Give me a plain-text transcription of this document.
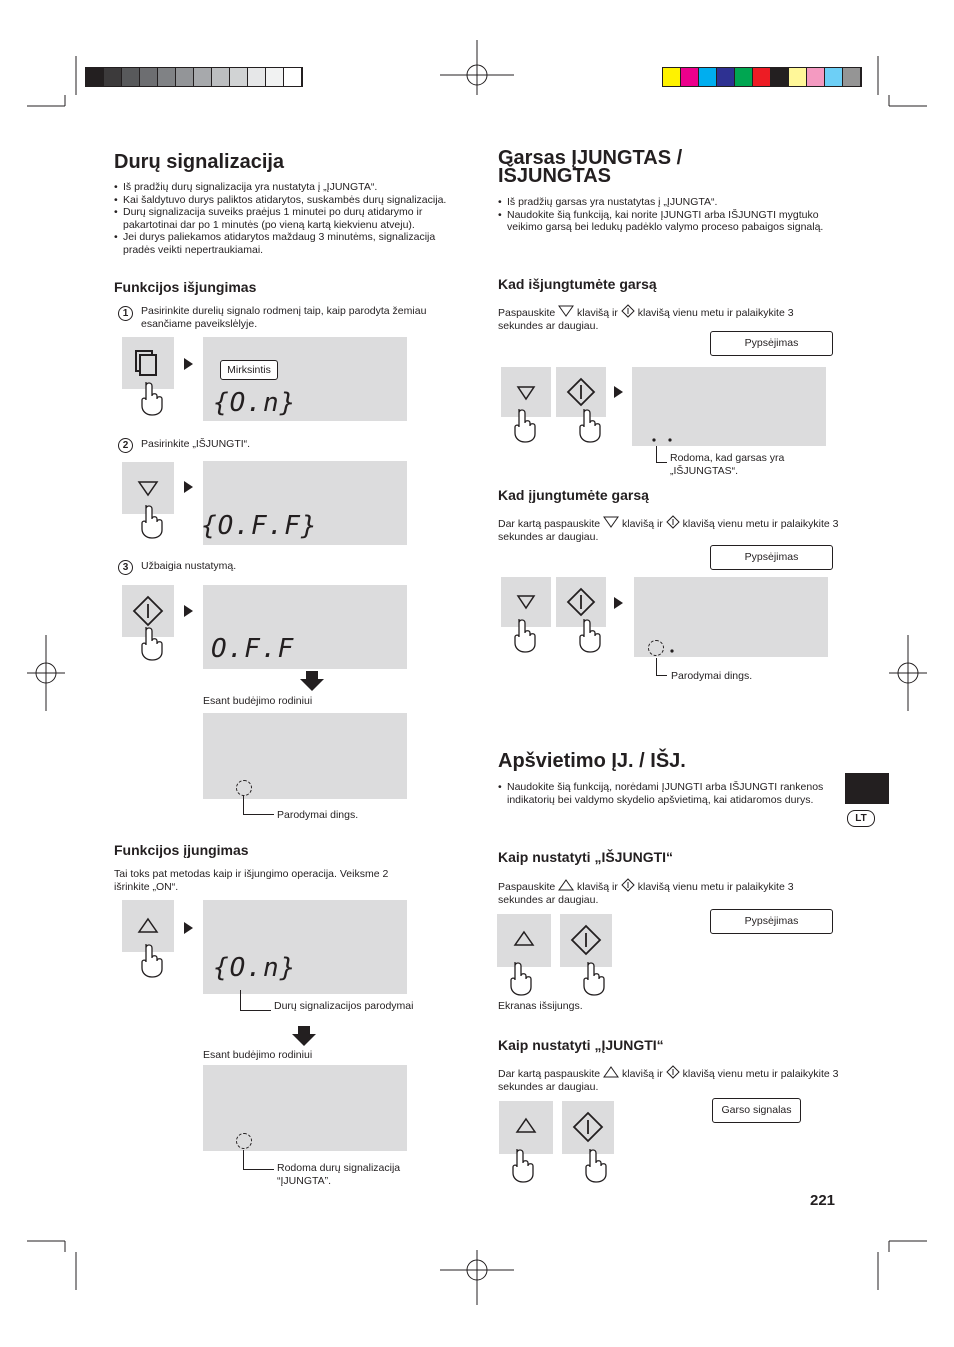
Durų signalizacija
• Iš pradžių durų signalizacija yra nustatyta į „ĮJUNGTA“.
• Kai šaldytuvo durys paliktos atidarytos, suskambės durų signalizacija.
• Durų signalizacija suveiks praėjus 1 minutei po durų atidarymo ir pakartotinai dar po 1 minutės (po vieną kartą kiekvienu atveju).
• Jei durys paliekamos atidarytos maždaug 3 minutėms, signalizacija pradės veikti nepertraukiamai.
Funkcijos išjungimas
1	Pasirinkite durelių signalo rodmenį taip, kaip parodyta žemiau esančiame paveikslėlyje.
Mirksintis
{O.n}
2	Pasirinkite „IŠJUNGTI“.
{O.F.F}
3	Užbaigia nustatymą.
O.F.F
Esant budėjimo rodiniui
Parodymai dings.
Funkcijos įjungimas
Tai toks pat metodas kaip ir išjungimo operacija. Veiksme 2 išrinkite „ON“.
{O.n}
Durų signalizacijos parodymai
Esant budėjimo rodiniui
Rodoma durų signalizacija “ĮJUNGTA”.
Garsas ĮJUNGTAS /
IŠJUNGTAS
• Iš pradžių garsas yra nustatytas į „ĮJUNGTA“.
• Naudokite šią funkciją, kai norite ĮJUNGTI arba IŠJUNGTI mygtuko veikimo garsą bei ledukų padėklo valymo proceso pabaigos signalą.
Kad išjungtumėte garsą
Paspauskite klavišą ir klavišą vienu metu ir palaikykite 3 sekundes ar daugiau.
Pypsėjimas
Rodoma, kad garsas yra „IŠJUNGTAS“.
Kad įjungtumėte garsą
Dar kartą paspauskite klavišą ir klavišą vienu metu ir palaikykite 3 sekundes ar daugiau.
Pypsėjimas
Parodymai dings.
Apšvietimo ĮJ. / IŠJ.
• Naudokite šią funkciją, norėdami ĮJUNGTI arba IŠJUNGTI rankenos indikatorių bei valdymo skydelio apšvietimą, kai atidaromos durys.
LT
Kaip nustatyti „IŠJUNGTI“
Paspauskite klavišą ir klavišą vienu metu ir palaikykite 3 sekundes ar daugiau.
Pypsėjimas
Ekranas išsijungs.
Kaip nustatyti „ĮJUNGTI“
Dar kartą paspauskite klavišą ir klavišą vienu metu ir palaikykite 3 sekundes ar daugiau.
Garso signalas
221
